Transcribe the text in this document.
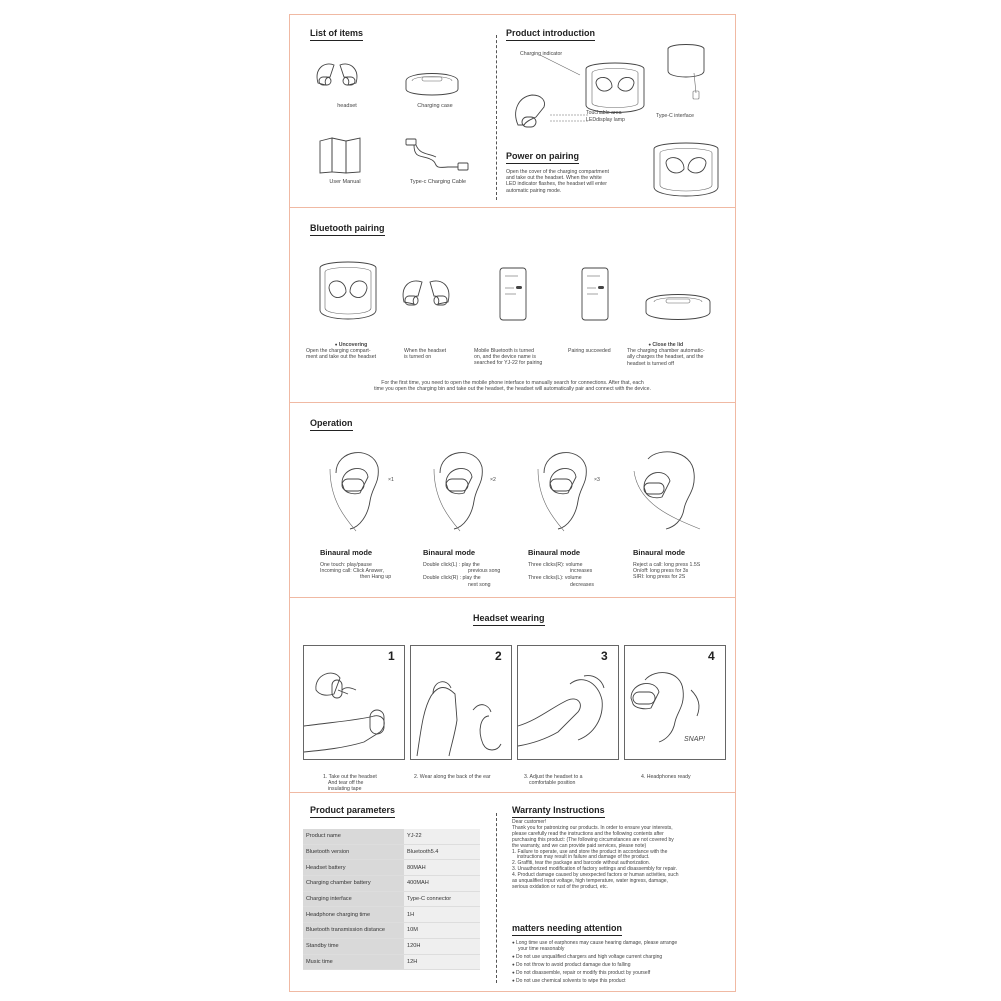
List of items
headset	Charging case
User Manual	Type-c Charging Cable
Product introduction
Charging indicator
Touchable area
LEDdisplay lamp
Type-C interface
Power on pairing
Open the cover of the charging compartment
and take out the headset. When the white
LED indicator flashes, the headset will enter
automatic pairing mode.
Bluetooth pairing
● Uncovering
Open the charging compart-
ment and take out the headset
When the headset
is turned on
Mobile Bluetooth is turned
on, and the device name is
searched for YJ-22 for pairing
Pairing succeeded
● Close the lid
The charging chamber automatic-
ally charges the headset, and the
headset is turned off
For the first time, you need to open the mobile phone interface to manually search for connections. After that, each
time you open the charging bin and take out the headset, the headset will automatically pair and connect with the device.
Operation
×1	×2	×3
Binaural mode
One touch: play/pause
Incoming call: Click Answer,
then Hang up
Binaural mode
Double click(L) : play the
previous song
Double click(R) : play the
next song
Binaural mode
Three clicks(R): volume
increases
Three clicks(L): volume
decreases
Binaural mode
Reject a call: long press 1.5S
On/off: long press for 3s
SIRI: long press for 2S
Headset wearing
1	2	3	4
SNAP!
1. Take out the headset
And tear off the
insulating tape
2. Wear along the back of the ear	3. Adjust the headset to a
comfortable position
4. Headphones ready
Product parameters
Product name	YJ-22
Bluetooth version	Bluetooth5.4
Headset battery	80MAH
Charging chamber battery	400MAH
Charging interface	Type-C connector
Headphone charging time	1H
Bluetooth transmission distance	10M
Standby time	120H
Music time	12H
Warranty Instructions
Dear customer!
Thank you for patronizing our products. In order to ensure your interests,
please carefully read the instructions and the following contents after
purchasing this product: (The following circumstances are not covered by
the warranty, and we can provide paid services, please note)
1. Failure to operate, use and store the product in accordance with the
instructions may result in failure and damage of the product.
2. Graffiti, tear the package and barcode without authorization.
3. Unauthorized modification of factory settings and disassembly for repair.
4. Product damage caused by unexpected factors or human activities, such
as unqualified input voltage, high temperature, water ingress, damage,
serious oxidation or rust of the product, etc.
matters needing attention
● Long time use of earphones may cause hearing damage, please arrange
your time reasonably
● Do not use unqualified chargers and high voltage current charging
● Do not throw to avoid product damage due to falling
● Do not disassemble, repair or modify this product by yourself
● Do not use chemical solvents to wipe this product
